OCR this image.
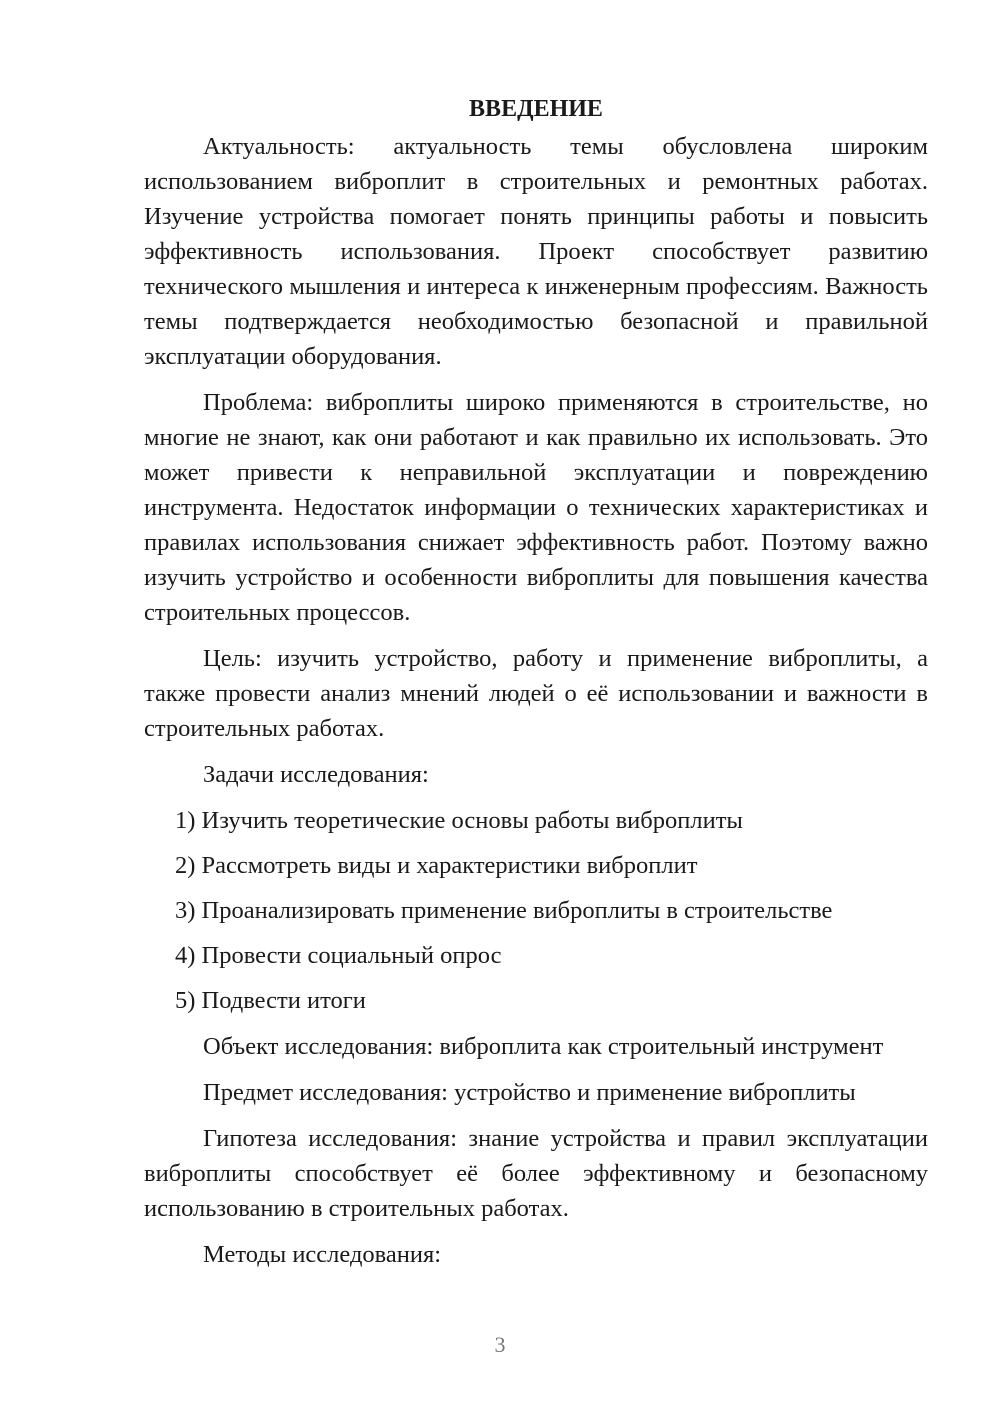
ВВЕДЕНИЕ

Актуальность: актуальность темы обусловлена широким использованием виброплит в строительных и ремонтных работах. Изучение устройства помогает понять принципы работы и повысить эффективность использования. Проект способствует развитию технического мышления и интереса к инженерным профессиям. Важность темы подтверждается необходимостью безопасной и правильной эксплуатации оборудования.

Проблема: виброплиты широко применяются в строительстве, но многие не знают, как они работают и как правильно их использовать. Это может привести к неправильной эксплуатации и повреждению инструмента. Недостаток информации о технических характеристиках и правилах использования снижает эффективность работ. Поэтому важно изучить устройство и особенности виброплиты для повышения качества строительных процессов.

Цель: изучить устройство, работу и применение виброплиты, а также провести анализ мнений людей о её использовании и важности в строительных работах.

Задачи исследования:

1) Изучить теоретические основы работы виброплиты
2) Рассмотреть виды и характеристики виброплит
3) Проанализировать применение виброплиты в строительстве
4) Провести социальный опрос
5) Подвести итоги

Объект исследования: виброплита как строительный инструмент

Предмет исследования: устройство и применение виброплиты

Гипотеза исследования: знание устройства и правил эксплуатации виброплиты способствует её более эффективному и безопасному использованию в строительных работах.

Методы исследования:

3
